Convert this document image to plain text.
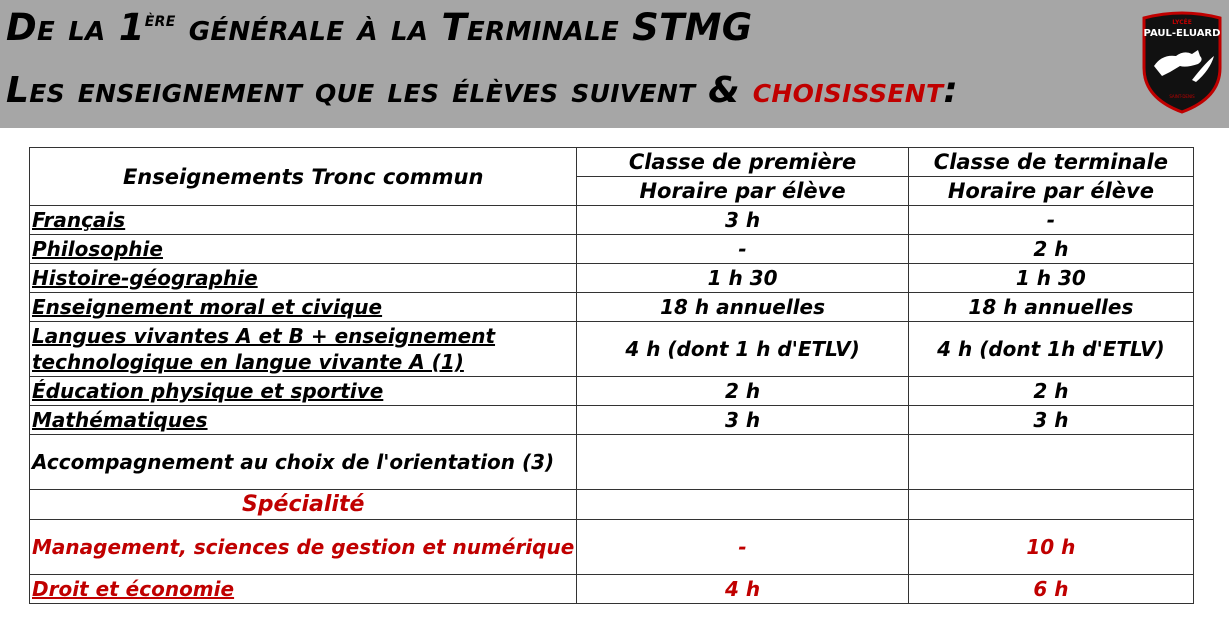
De la 1ère générale à la Terminale STMG
Les enseignement que les élèves suivent & choisissent:
LYCÉE
PAUL-ELUARD
SAINT-DENIS
Enseignements Tronc commun	Classe de première	Classe de terminale
	Horaire par élève	Horaire par élève
Français	3 h	-
Philosophie	-	2 h
Histoire-géographie	1 h 30	1 h 30
Enseignement moral et civique	18 h annuelles	18 h annuelles
Langues vivantes A et B + enseignement
technologique en langue vivante A (1)	4 h (dont 1 h d'ETLV)	4 h (dont 1h d'ETLV)
Éducation physique et sportive	2 h	2 h
Mathématiques	3 h	3 h
Accompagnement au choix de l'orientation (3)		
Spécialité		
Management, sciences de gestion et numérique	-	10 h
Droit et économie	4 h	6 h
